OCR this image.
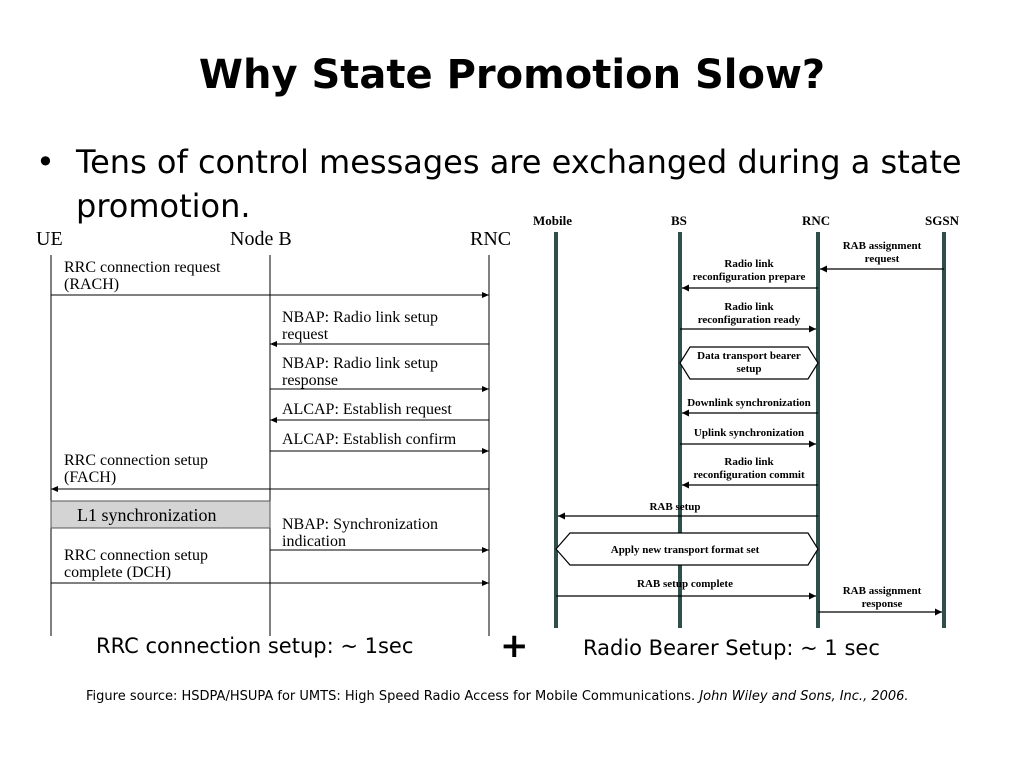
Why State Promotion Slow?
• Tens of control messages are exchanged during a state promotion.
UE	Node B	RNC
RRC connection request
(RACH)
NBAP: Radio link setup
request
NBAP: Radio link setup
response
ALCAP: Establish request
ALCAP: Establish confirm
RRC connection setup
(FACH)
L1 synchronization	NBAP: Synchronization
indication
RRC connection setup
complete (DCH)
Mobile	BS	RNC	SGSN
RAB assignment
request
Radio link
reconfiguration prepare
Radio link
reconfiguration ready
Data transport bearer
setup
Downlink synchronization
Uplink synchronization
Radio link
reconfiguration commit
RAB setup
Apply new transport format set
RAB setup complete
RAB assignment
response
RRC connection setup: ~ 1sec	+	Radio Bearer Setup: ~ 1 sec
Figure source: HSDPA/HSUPA for UMTS: High Speed Radio Access for Mobile Communications. John Wiley and Sons, Inc., 2006.
